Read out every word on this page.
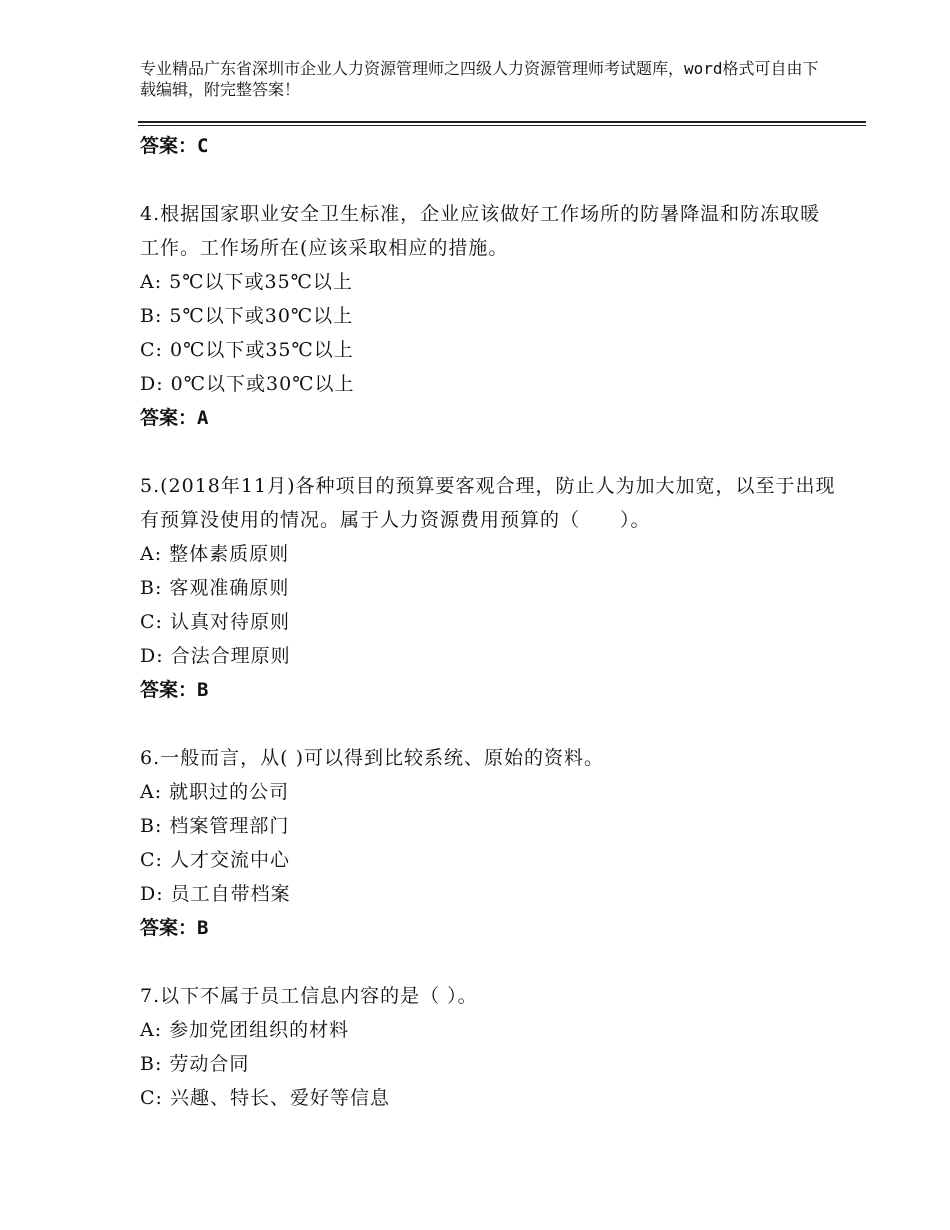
专业精品广东省深圳市企业人力资源管理师之四级人力资源管理师考试题库，word格式可自由下载编辑，附完整答案！
答案：C
4.根据国家职业安全卫生标准，企业应该做好工作场所的防暑降温和防冻取暖工作。工作场所在(应该采取相应的措施。
A: 5℃以下或35℃以上
B: 5℃以下或30℃以上
C: 0℃以下或35℃以上
D: 0℃以下或30℃以上
答案：A
5.(2018年11月)各种项目的预算要客观合理，防止人为加大加宽，以至于出现有预算没使用的情况。属于人力资源费用预算的（　　）。
A: 整体素质原则
B: 客观准确原则
C: 认真对待原则
D: 合法合理原则
答案：B
6.一般而言，从( )可以得到比较系统、原始的资料。
A: 就职过的公司
B: 档案管理部门
C: 人才交流中心
D: 员工自带档案
答案：B
7.以下不属于员工信息内容的是（ ）。
A: 参加党团组织的材料
B: 劳动合同
C: 兴趣、特长、爱好等信息
